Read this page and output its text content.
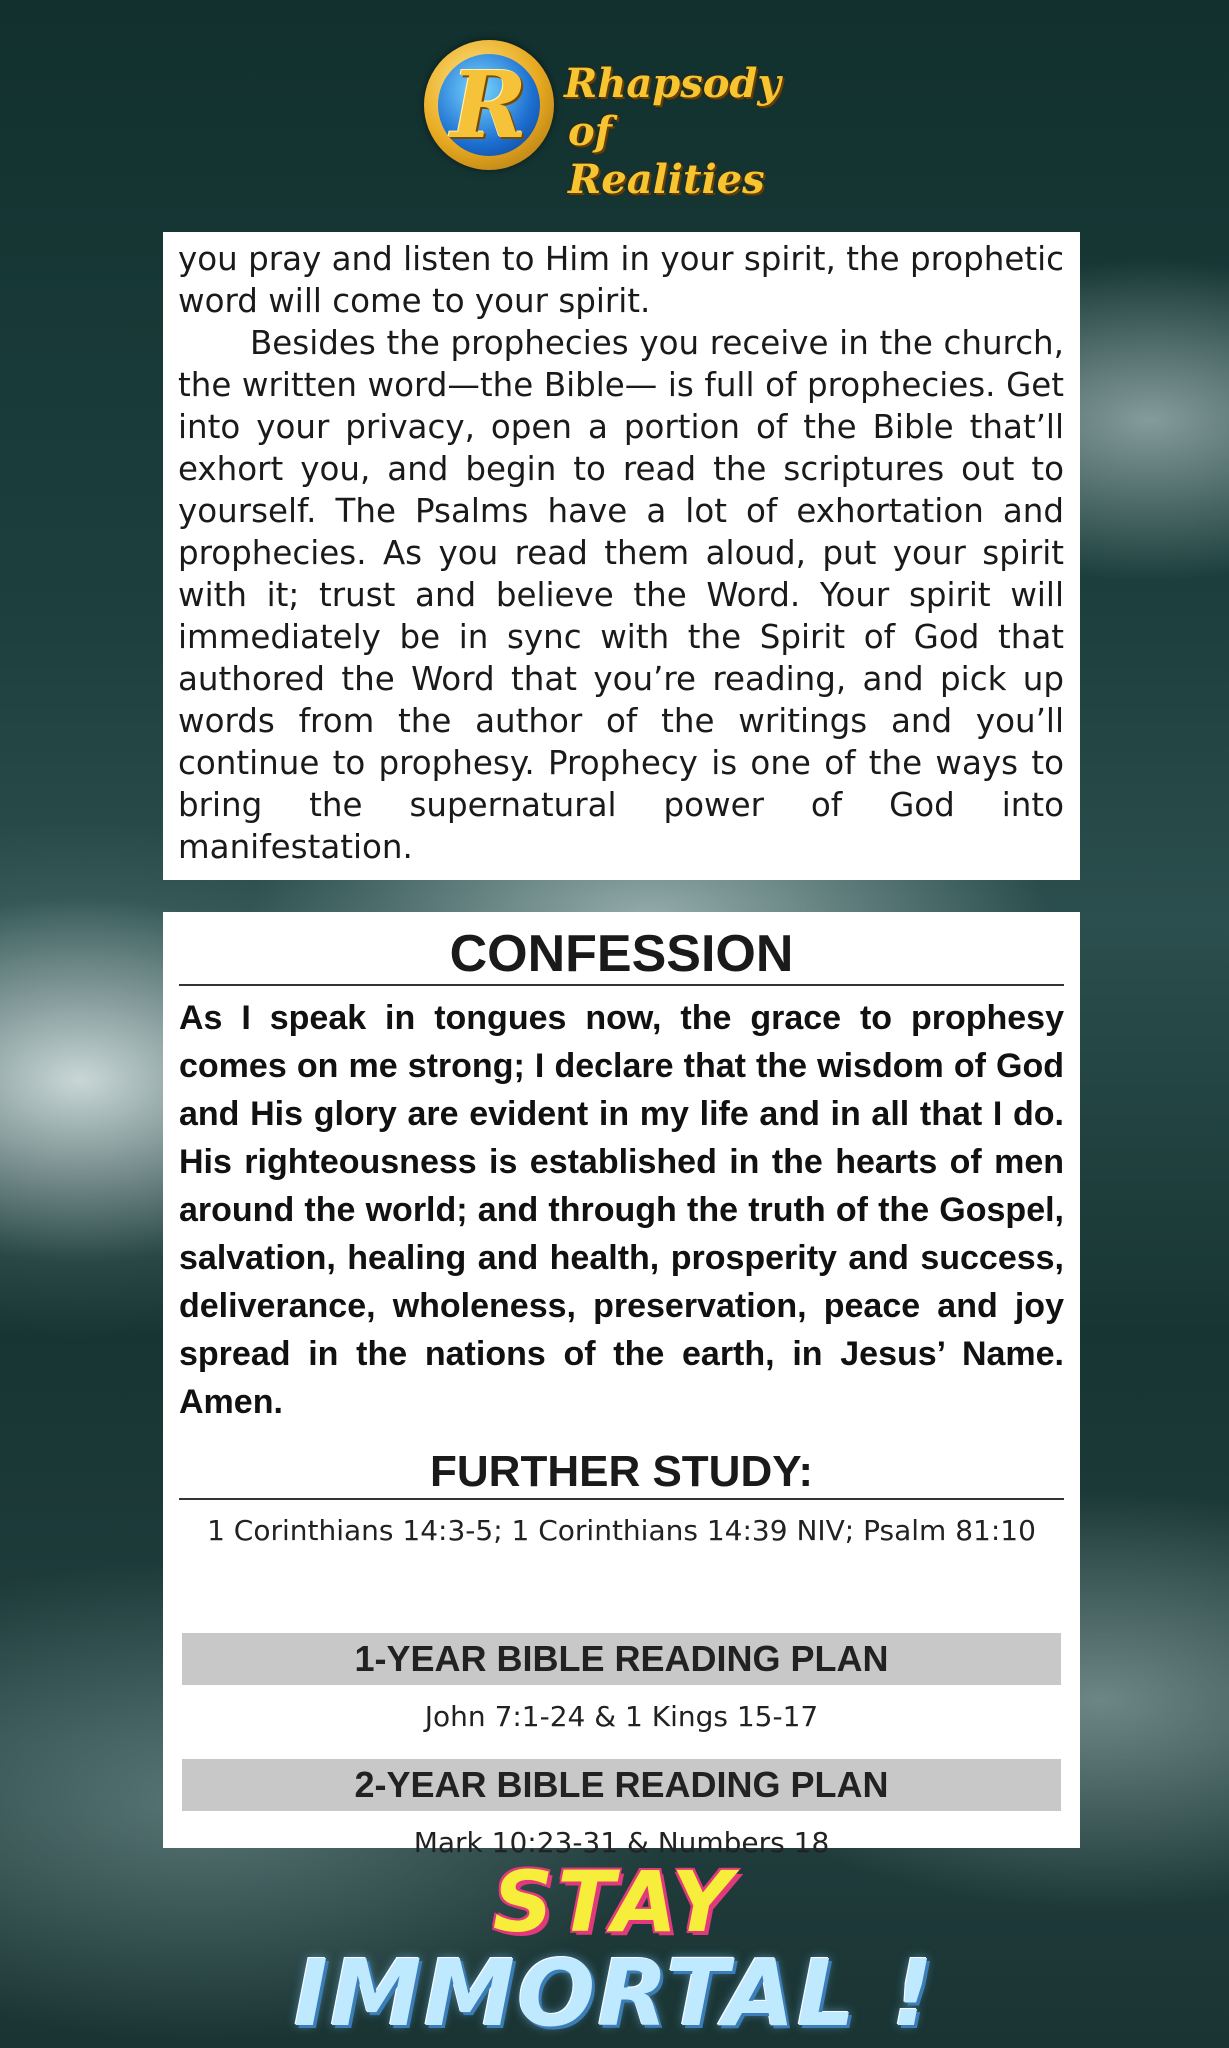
R Rhapsody
of Realities

you pray and listen to Him in your spirit, the prophetic word will come to your spirit.

Besides the prophecies you receive in the church, the written word—the Bible— is full of prophecies. Get into your privacy, open a portion of the Bible that’ll exhort you, and begin to read the scriptures out to yourself. The Psalms have a lot of exhortation and prophecies. As you read them aloud, put your spirit with it; trust and believe the Word. Your spirit will immediately be in sync with the Spirit of God that authored the Word that you’re reading, and pick up words from the author of the writings and you’ll continue to prophesy. Prophecy is one of the ways to bring the supernatural power of God into manifestation.

CONFESSION

As I speak in tongues now, the grace to prophesy comes on me strong; I declare that the wisdom of God and His glory are evident in my life and in all that I do. His righteousness is established in the hearts of men around the world; and through the truth of the Gospel, salvation, healing and health, prosperity and success, deliverance, wholeness, preservation, peace and joy spread in the nations of the earth, in Jesus’ Name. Amen.

FURTHER STUDY:
1 Corinthians 14:3-5; 1 Corinthians 14:39 NIV; Psalm 81:10
1-YEAR BIBLE READING PLAN
John 7:1-24 & 1 Kings 15-17
2-YEAR BIBLE READING PLAN
Mark 10:23-31 & Numbers 18
STAY
IMMORTAL !
